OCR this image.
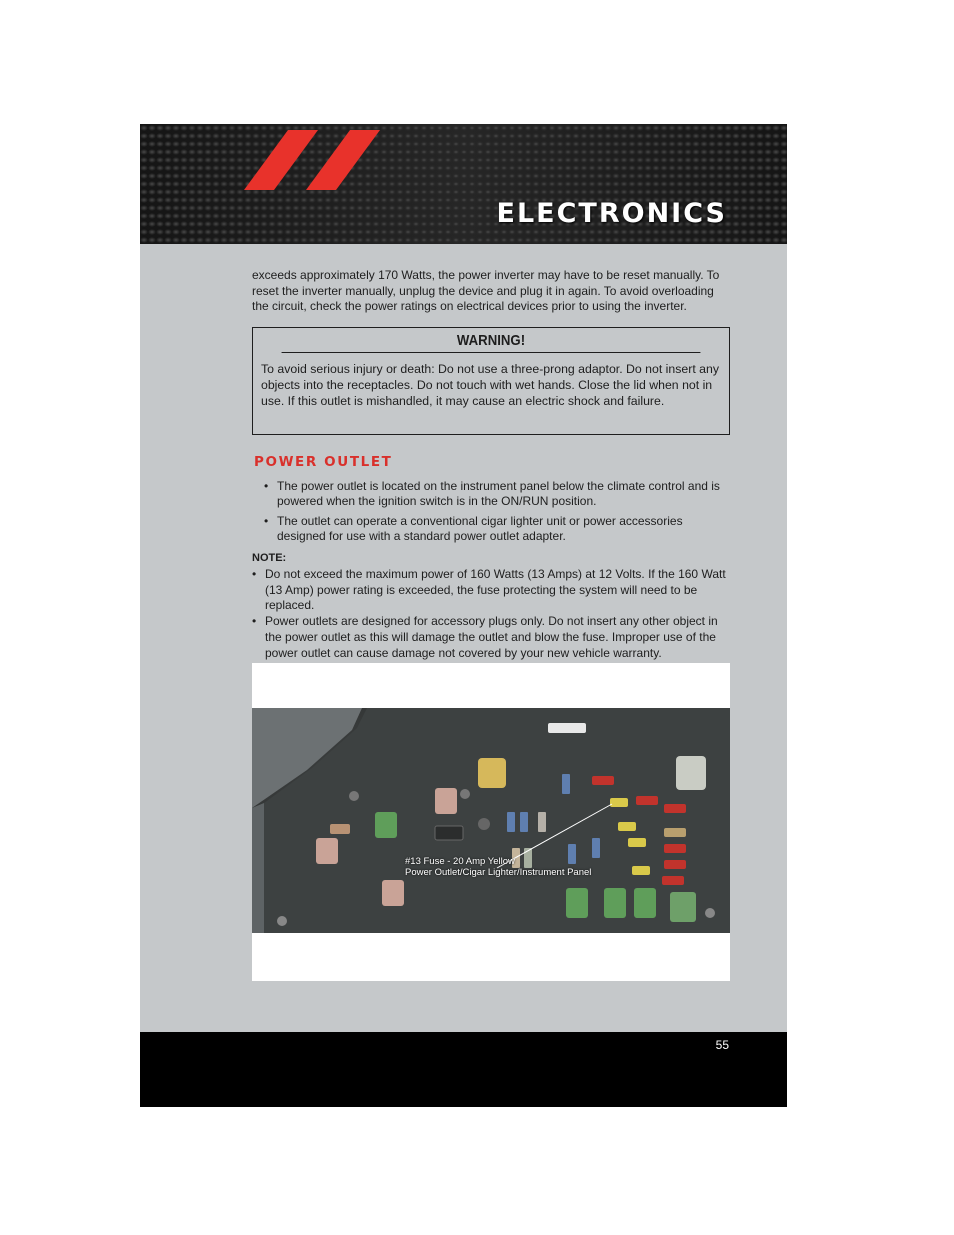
ELECTRONICS
exceeds approximately 170 Watts, the power inverter may have to be reset manually. To reset the inverter manually, unplug the device and plug it in again. To avoid overloading the circuit, check the power ratings on electrical devices prior to using the inverter.
WARNING!
To avoid serious injury or death: Do not use a three-prong adaptor. Do not insert any objects into the receptacles. Do not touch with wet hands. Close the lid when not in use. If this outlet is mishandled, it may cause an electric shock and failure.
POWER OUTLET
• The power outlet is located on the instrument panel below the climate control and is powered when the ignition switch is in the ON/RUN position.
• The outlet can operate a conventional cigar lighter unit or power accessories designed for use with a standard power outlet adapter.
NOTE:
• Do not exceed the maximum power of 160 Watts (13 Amps) at 12 Volts. If the 160 Watt (13 Amp) power rating is exceeded, the fuse protecting the system will need to be replaced.
• Power outlets are designed for accessory plugs only. Do not insert any other object in the power outlet as this will damage the outlet and blow the fuse. Improper use of the power outlet can cause damage not covered by your new vehicle warranty.
#13 Fuse - 20 Amp Yellow
Power Outlet/Cigar Lighter/Instrument Panel
55
